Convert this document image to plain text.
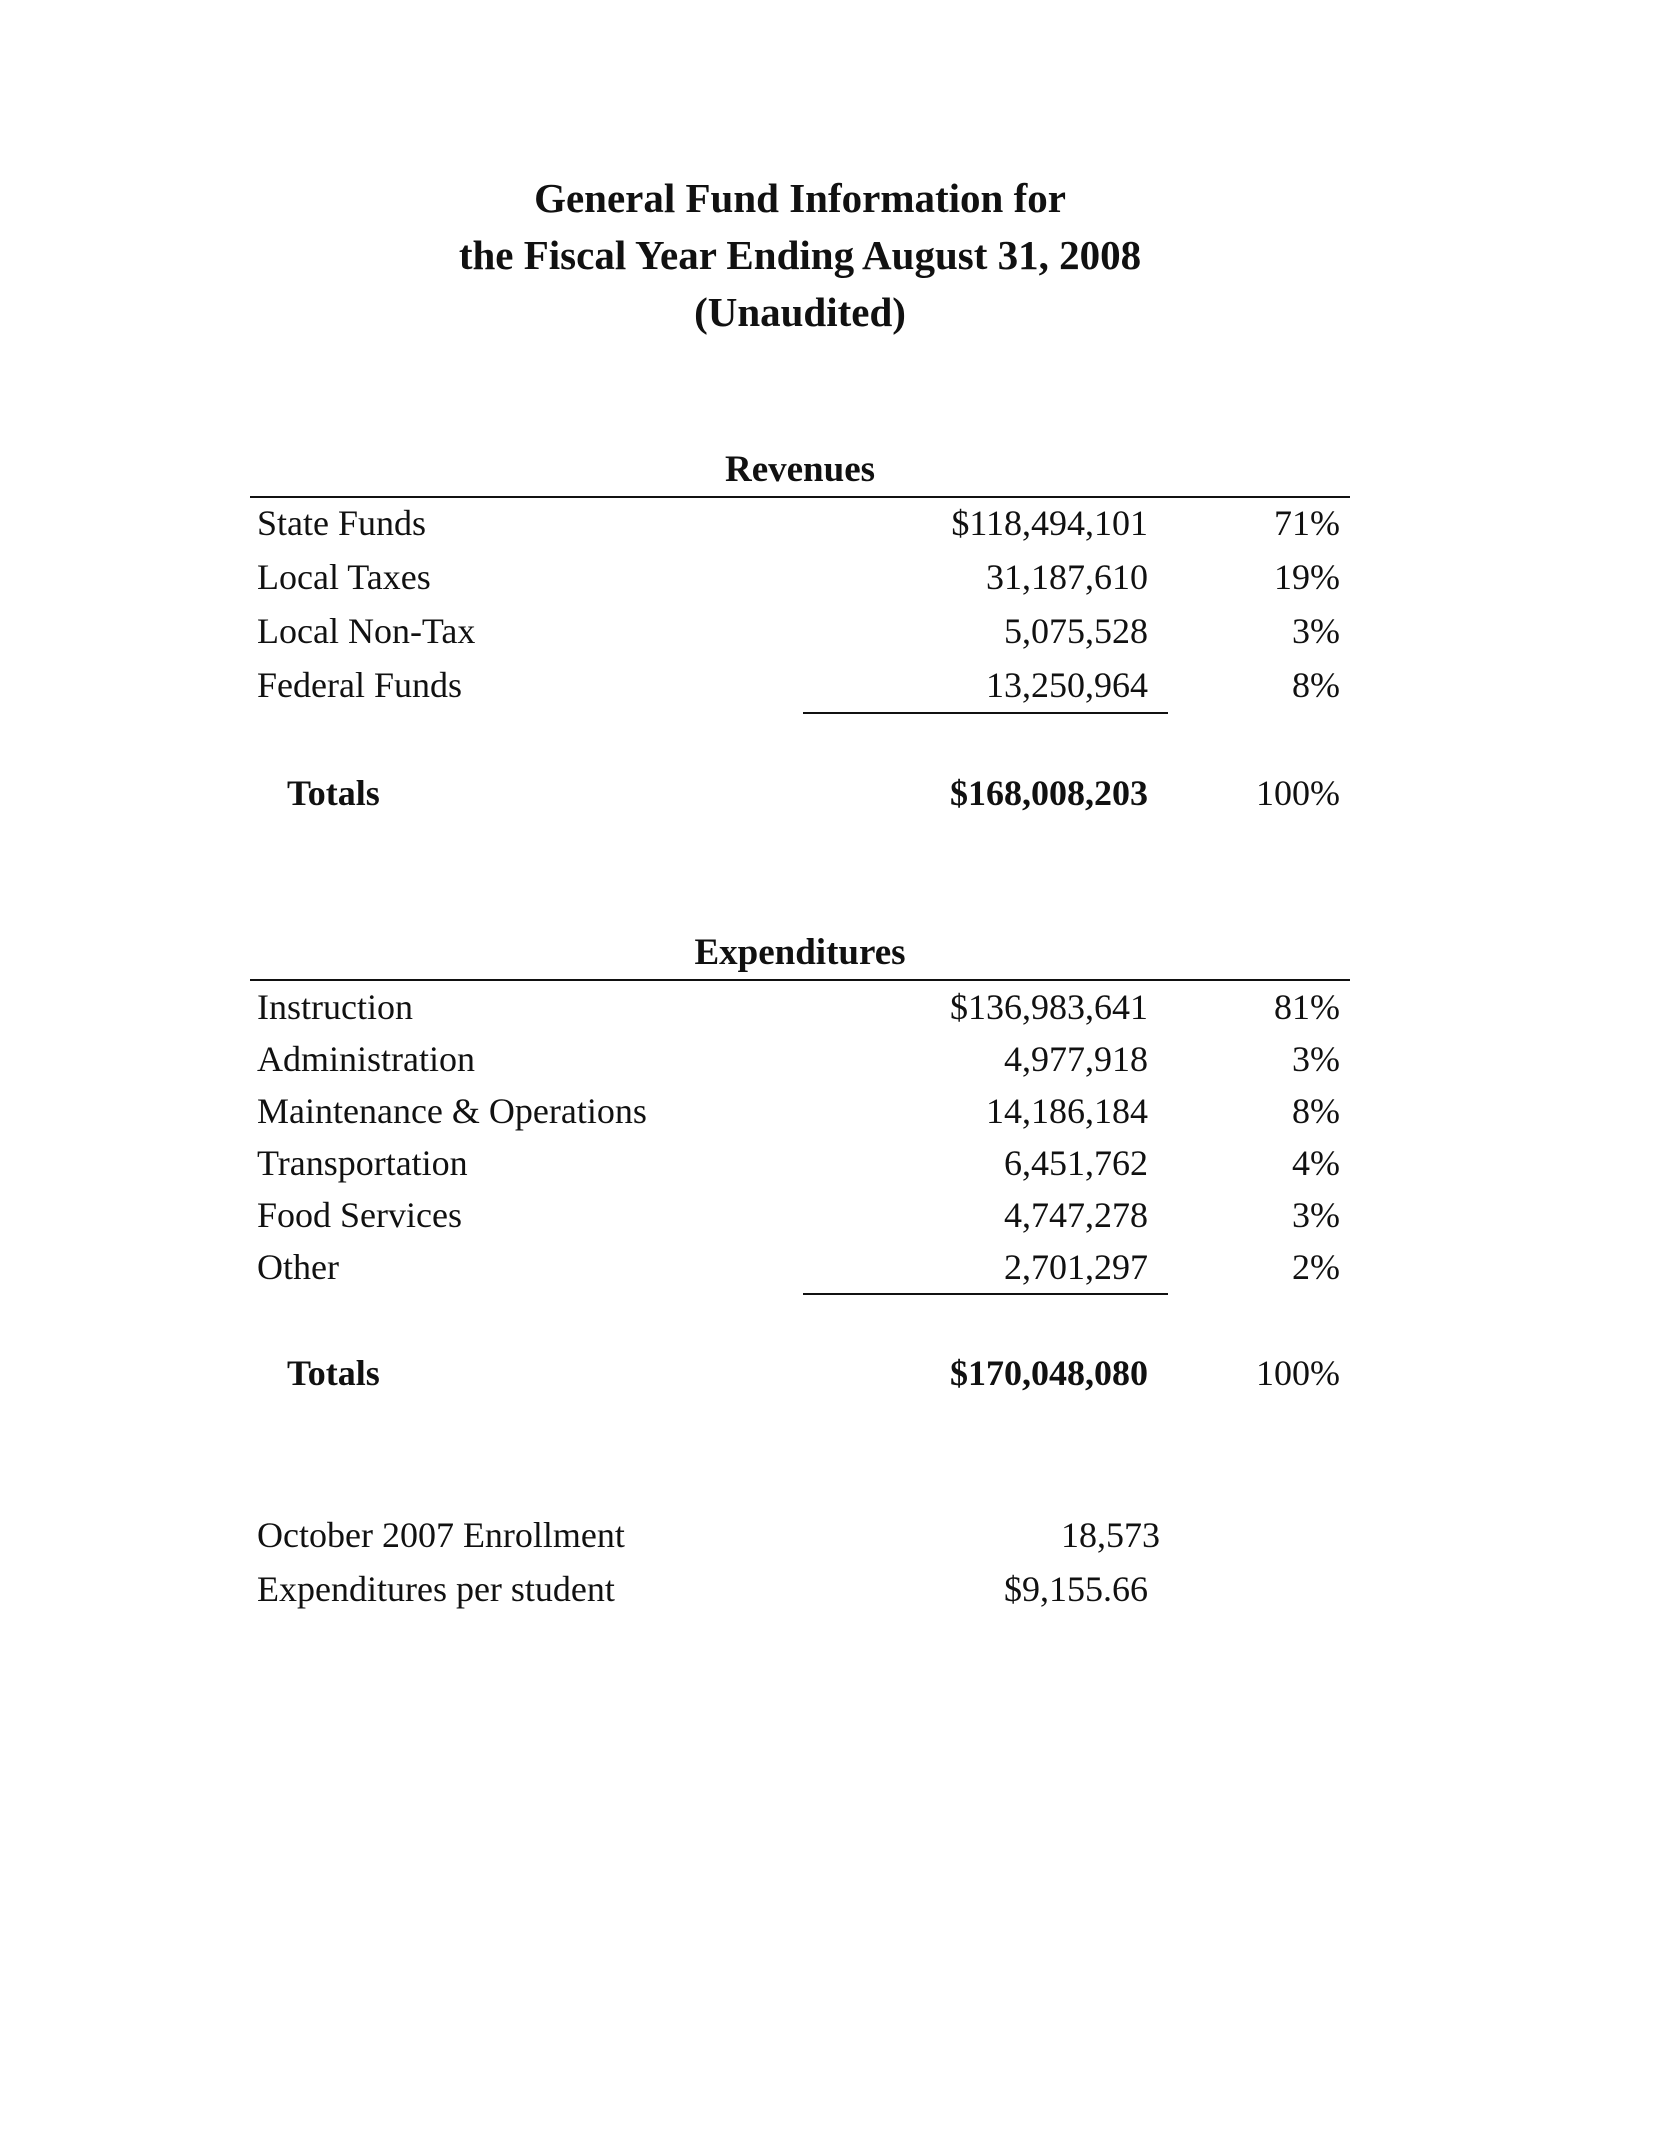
General Fund Information for
the Fiscal Year Ending August 31, 2008
(Unaudited)
Revenues
State Funds	$118,494,101	71%
Local Taxes	31,187,610	19%
Local Non-Tax	5,075,528	3%
Federal Funds	13,250,964	8%
Totals	$168,008,203	100%
Expenditures
Instruction	$136,983,641	81%
Administration	4,977,918	3%
Maintenance & Operations	14,186,184	8%
Transportation	6,451,762	4%
Food Services	4,747,278	3%
Other	2,701,297	2%
Totals	$170,048,080	100%
October 2007 Enrollment	18,573
Expenditures per student	$9,155.66
